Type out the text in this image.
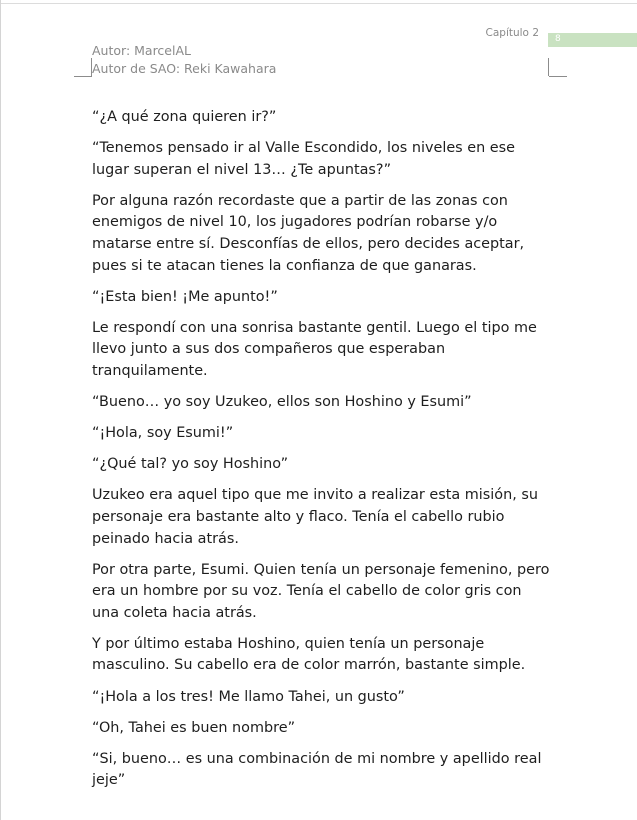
Capítulo 2 8
Autor: MarcelAL
Autor de SAO: Reki Kawahara

“¿A qué zona quieren ir?”

“Tenemos pensado ir al Valle Escondido, los niveles en ese lugar superan el nivel 13… ¿Te apuntas?”

Por alguna razón recordaste que a partir de las zonas con enemigos de nivel 10, los jugadores podrían robarse y/o matarse entre sí. Desconfías de ellos, pero decides aceptar, pues si te atacan tienes la confianza de que ganaras.

“¡Esta bien! ¡Me apunto!”

Le respondí con una sonrisa bastante gentil. Luego el tipo me llevo junto a sus dos compañeros que esperaban tranquilamente.

“Bueno… yo soy Uzukeo, ellos son Hoshino y Esumi”

“¡Hola, soy Esumi!”

“¿Qué tal? yo soy Hoshino”

Uzukeo era aquel tipo que me invito a realizar esta misión, su personaje era bastante alto y flaco. Tenía el cabello rubio peinado hacia atrás.

Por otra parte, Esumi. Quien tenía un personaje femenino, pero era un hombre por su voz. Tenía el cabello de color gris con una coleta hacia atrás.

Y por último estaba Hoshino, quien tenía un personaje masculino. Su cabello era de color marrón, bastante simple.

“¡Hola a los tres! Me llamo Tahei, un gusto”

“Oh, Tahei es buen nombre”

“Si, bueno… es una combinación de mi nombre y apellido real jeje”
